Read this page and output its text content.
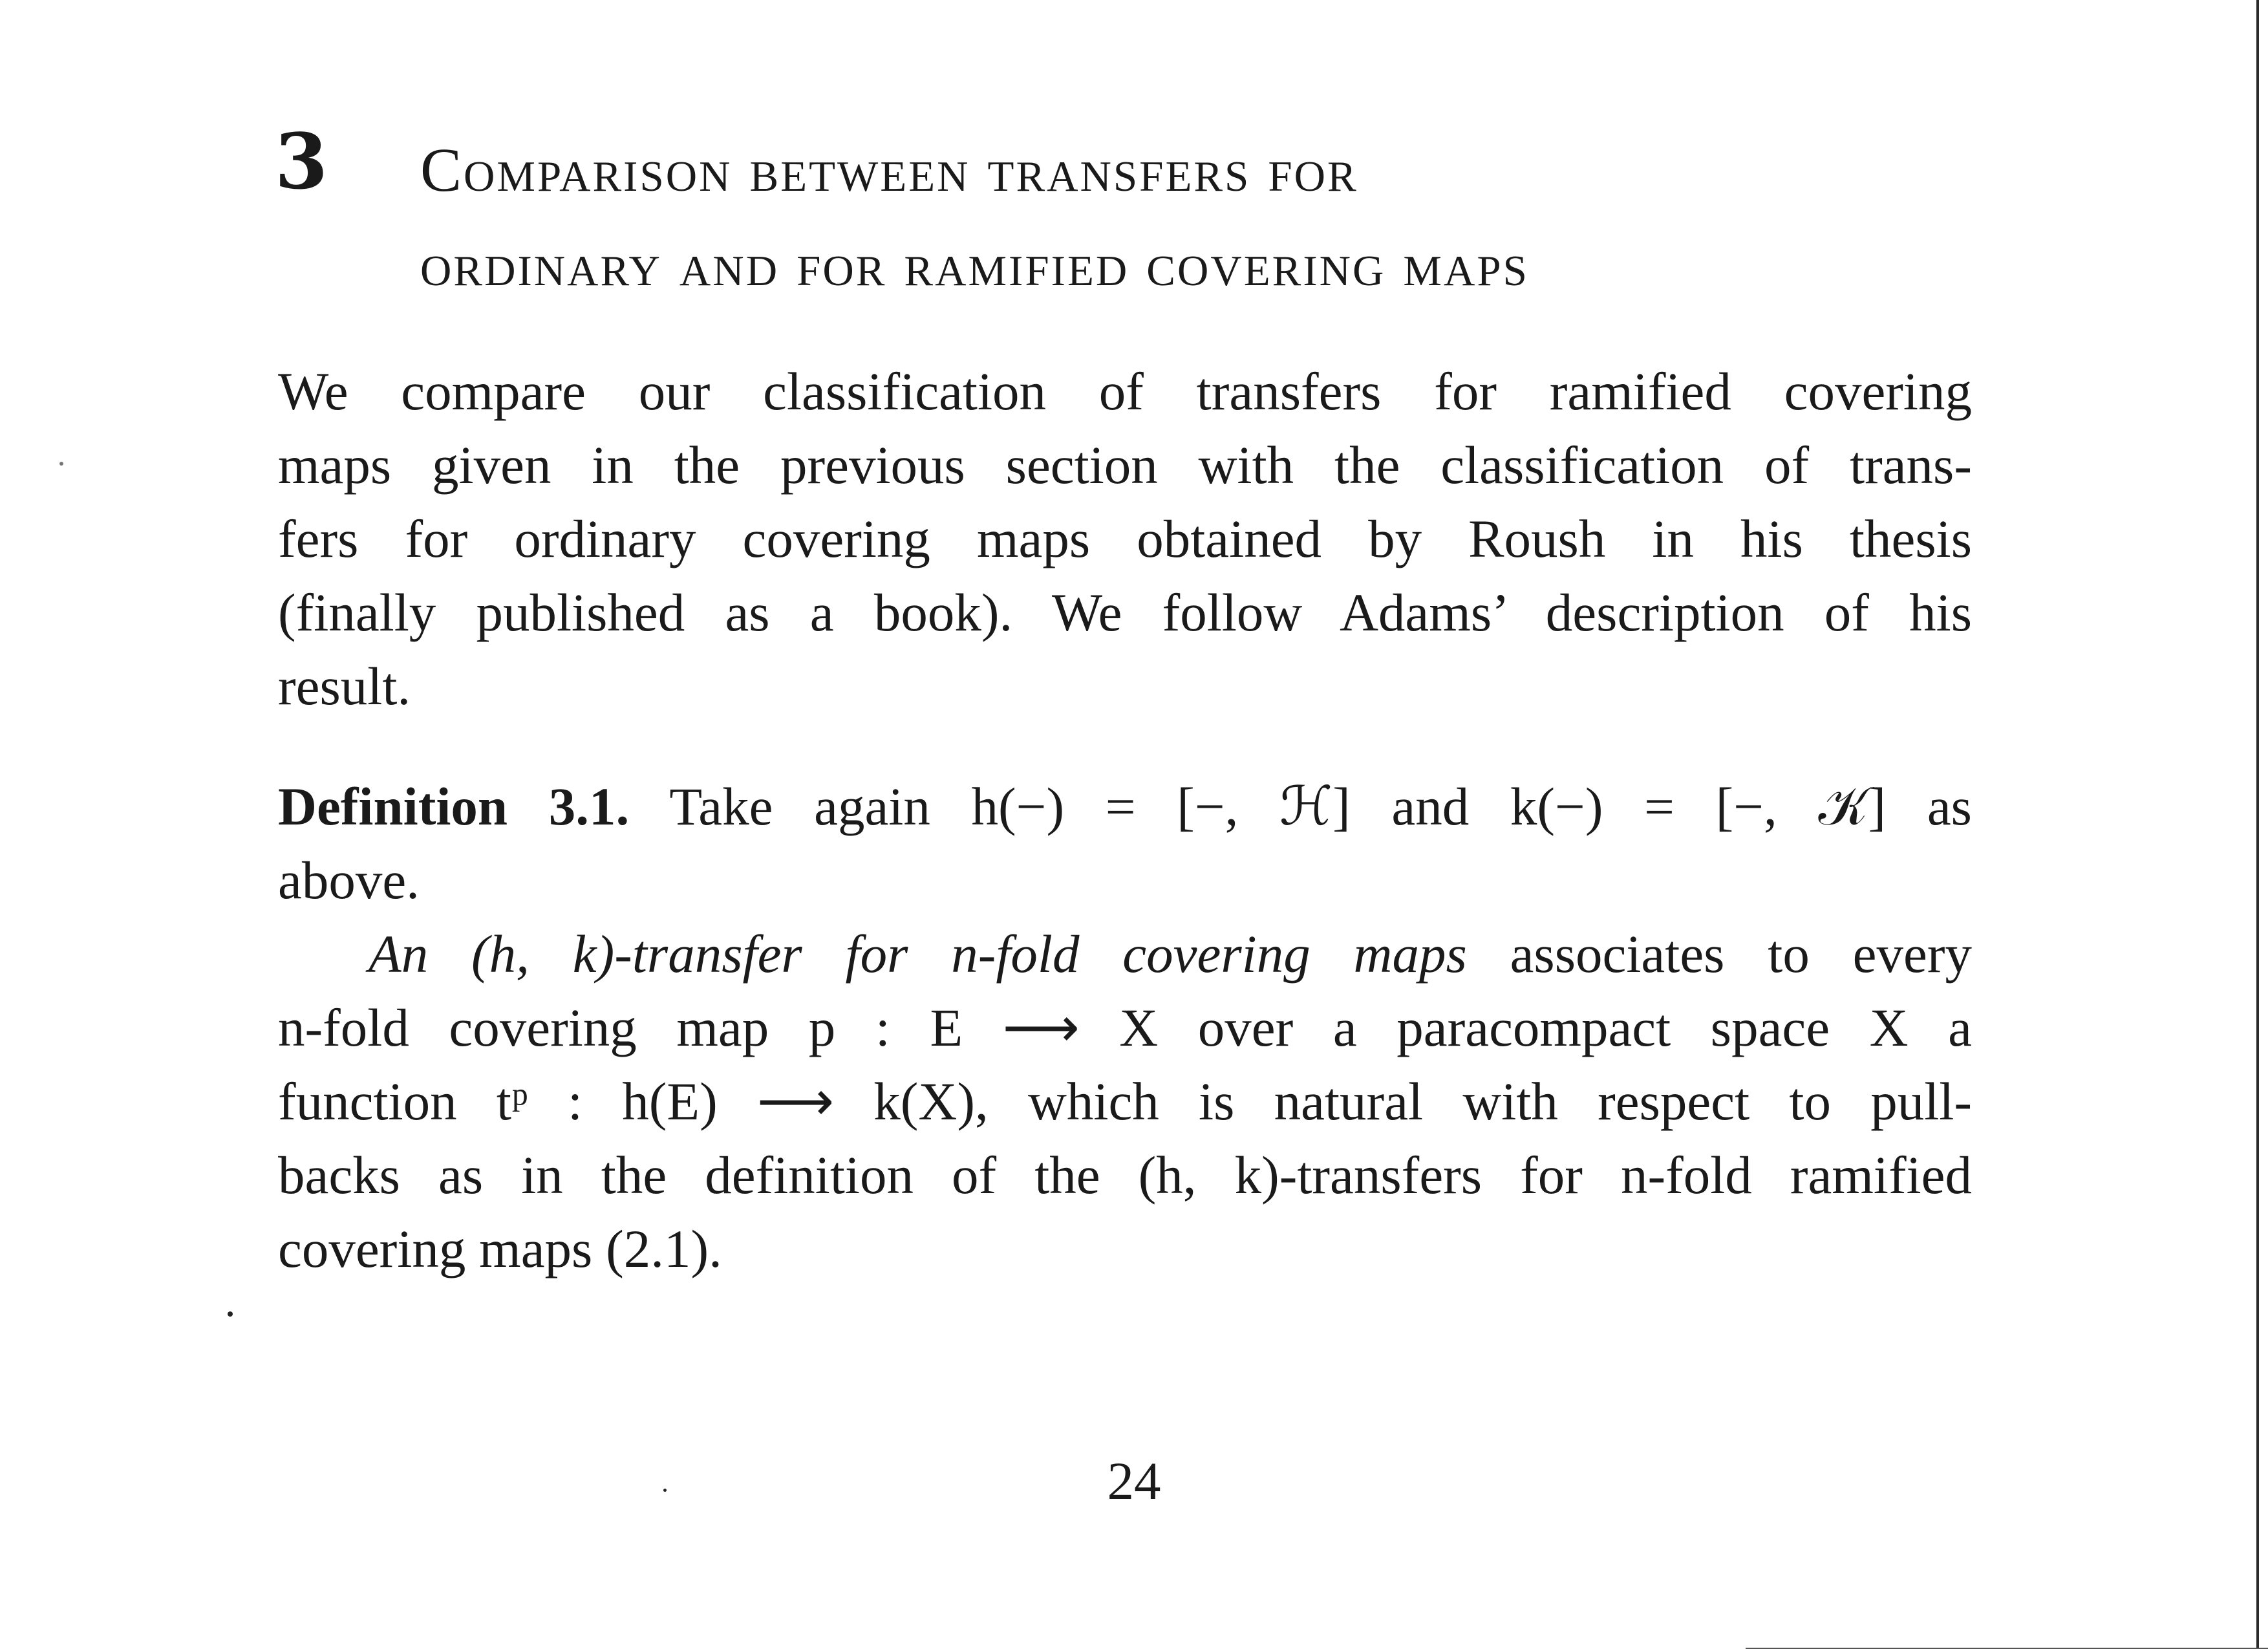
3 Comparison between transfers for
ordinary and for ramified covering maps
We compare our classification of transfers for ramified covering
maps given in the previous section with the classification of trans-
fers for ordinary covering maps obtained by Roush in his thesis
(finally published as a book). We follow Adams’ description of his
result.
Definition 3.1. Take again h(−) = [−, ℋ] and k(−) = [−, 𝒦] as
above.
An (h, k)-transfer for n-fold covering maps associates to every
n-fold covering map p : E ⟶ X over a paracompact space X a
function tᵖ : h(E) ⟶ k(X), which is natural with respect to pull-
backs as in the definition of the (h, k)-transfers for n-fold ramified
covering maps (2.1).
24
